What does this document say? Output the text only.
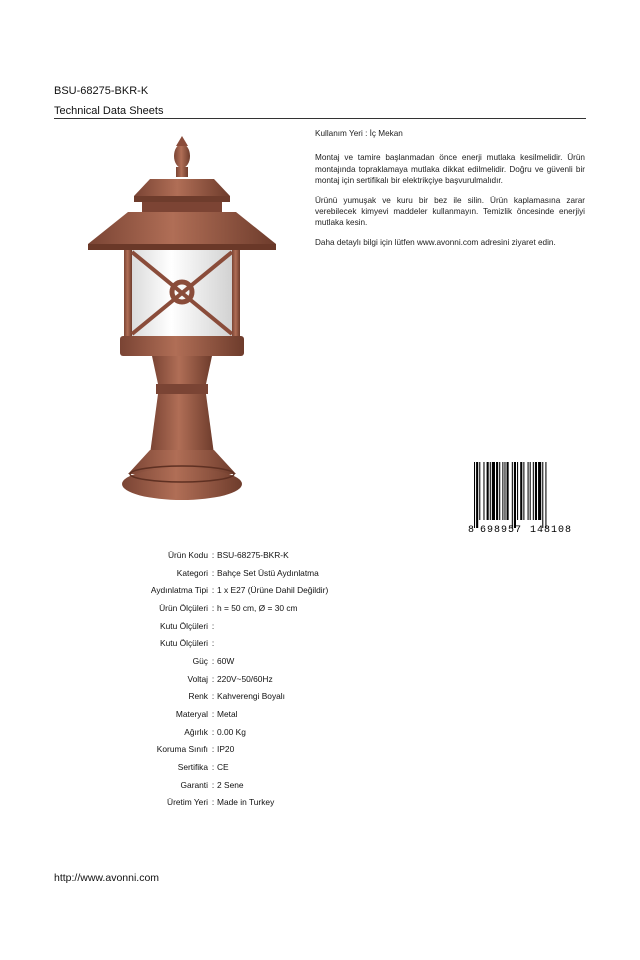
BSU-68275-BKR-K
Technical Data Sheets

Kullanım Yeri : İç Mekan

Montaj ve tamire başlanmadan önce enerji mutlaka kesilmelidir. Ürün montajında topraklamaya mutlaka dikkat edilmelidir. Doğru ve güvenli bir montaj için sertifikalı bir elektrikçiye başvurulmalıdır.

Ürünü yumuşak ve kuru bir bez ile silin. Ürün kaplamasına zarar verebilecek kimyevi maddeler kullanmayın. Temizlik öncesinde enerjiyi mutlaka kesin.

Daha detaylı bilgi için lütfen www.avonni.com adresini ziyaret edin.

8 698957 148108
Ürün Kodu : BSU-68275-BKR-K
Kategori : Bahçe Set Üstü Aydınlatma
Aydınlatma Tipi : 1 x E27 (Ürüne Dahil Değildir)
Ürün Ölçüleri : h = 50 cm, Ø = 30 cm
Kutu Ölçüleri :
Kutu Ölçüleri :
Güç : 60W
Voltaj : 220V~50/60Hz
Renk : Kahverengi Boyalı
Materyal : Metal
Ağırlık : 0.00 Kg
Koruma Sınıfı : IP20
Sertifika : CE
Garanti : 2 Sene
Üretim Yeri : Made in Turkey
http://www.avonni.com
